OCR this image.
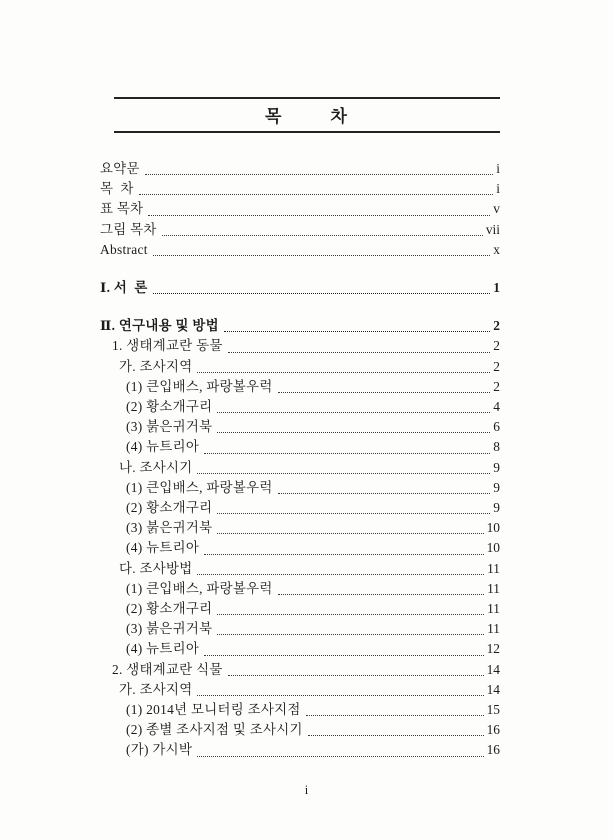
목 차
요약문	i
목  차	i
표 목차	v
그림 목차	vii
Abstract	x
Ⅰ. 서  론	1
Ⅱ. 연구내용 및 방법	2
1. 생태계교란 동물	2
가. 조사지역	2
(1) 큰입배스, 파랑볼우럭	2
(2) 황소개구리	4
(3) 붉은귀거북	6
(4) 뉴트리아	8
나. 조사시기	9
(1) 큰입배스, 파랑볼우럭	9
(2) 황소개구리	9
(3) 붉은귀거북	10
(4) 뉴트리아	10
다. 조사방법	11
(1) 큰입배스, 파랑볼우럭	11
(2) 황소개구리	11
(3) 붉은귀거북	11
(4) 뉴트리아	12
2. 생태계교란 식물	14
가. 조사지역	14
(1) 2014년 모니터링 조사지점	15
(2) 종별 조사지점 및 조사시기	16
(가) 가시박	16
i
